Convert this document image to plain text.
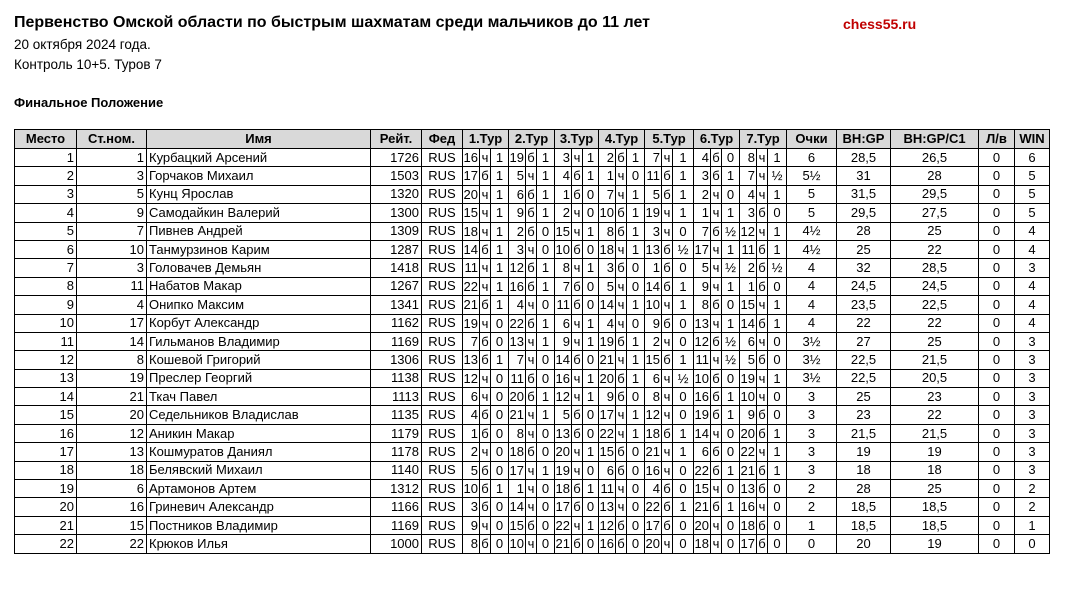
Первенство Омской области по быстрым шахматам среди мальчиков до 11 лет	chess55.ru
20 октября 2024 года.
Контроль 10+5. Туров 7
Финальное Положение
Место	Ст.ном.	Имя	Рейт.	Фед	1.Тур	2.Тур	3.Тур	4.Тур	5.Тур	6.Тур	7.Тур	Очки	BH:GP	BH:GP/C1	Л/в	WIN
1	1	Курбацкий Арсений	1726	RUS	16 ч 1	19 б 1	3 ч 1	2 б 1	7 ч 1	4 б 0	8 ч 1	6	28,5	26,5	0	6
2	3	Горчаков Михаил	1503	RUS	17 б 1	5 ч 1	4 б 1	1 ч 0	11 б 1	3 б 1	7 ч ½	5½	31	28	0	5
3	5	Кунц Ярослав	1320	RUS	20 ч 1	6 б 1	1 б 0	7 ч 1	5 б 1	2 ч 0	4 ч 1	5	31,5	29,5	0	5
4	9	Самодайкин Валерий	1300	RUS	15 ч 1	9 б 1	2 ч 0	10 б 1	19 ч 1	1 ч 1	3 б 0	5	29,5	27,5	0	5
5	7	Пивнев Андрей	1309	RUS	18 ч 1	2 б 0	15 ч 1	8 б 1	3 ч 0	7 б ½	12 ч 1	4½	28	25	0	4
6	10	Танмурзинов Карим	1287	RUS	14 б 1	3 ч 0	10 б 0	18 ч 1	13 б ½	17 ч 1	11 б 1	4½	25	22	0	4
7	3	Головачев Демьян	1418	RUS	11 ч 1	12 б 1	8 ч 1	3 б 0	1 б 0	5 ч ½	2 б ½	4	32	28,5	0	3
8	11	Набатов Макар	1267	RUS	22 ч 1	16 б 1	7 б 0	5 ч 0	14 б 1	9 ч 1	1 б 0	4	24,5	24,5	0	4
9	4	Онипко Максим	1341	RUS	21 б 1	4 ч 0	11 б 0	14 ч 1	10 ч 1	8 б 0	15 ч 1	4	23,5	22,5	0	4
10	17	Корбут Александр	1162	RUS	19 ч 0	22 б 1	6 ч 1	4 ч 0	9 б 0	13 ч 1	14 б 1	4	22	22	0	4
11	14	Гильманов Владимир	1169	RUS	7 б 0	13 ч 1	9 ч 1	19 б 1	2 ч 0	12 б ½	6 ч 0	3½	27	25	0	3
12	8	Кошевой Григорий	1306	RUS	13 б 1	7 ч 0	14 б 0	21 ч 1	15 б 1	11 ч ½	5 б 0	3½	22,5	21,5	0	3
13	19	Преслер Георгий	1138	RUS	12 ч 0	11 б 0	16 ч 1	20 б 1	6 ч ½	10 б 0	19 ч 1	3½	22,5	20,5	0	3
14	21	Ткач Павел	1113	RUS	6 ч 0	20 б 1	12 ч 1	9 б 0	8 ч 0	16 б 1	10 ч 0	3	25	23	0	3
15	20	Седельников Владислав	1135	RUS	4 б 0	21 ч 1	5 б 0	17 ч 1	12 ч 0	19 б 1	9 б 0	3	23	22	0	3
16	12	Аникин Макар	1179	RUS	1 б 0	8 ч 0	13 б 0	22 ч 1	18 б 1	14 ч 0	20 б 1	3	21,5	21,5	0	3
17	13	Кошмуратов Даниял	1178	RUS	2 ч 0	18 б 0	20 ч 1	15 б 0	21 ч 1	6 б 0	22 ч 1	3	19	19	0	3
18	18	Белявский Михаил	1140	RUS	5 б 0	17 ч 1	19 ч 0	6 б 0	16 ч 0	22 б 1	21 б 1	3	18	18	0	3
19	6	Артамонов Артем	1312	RUS	10 б 1	1 ч 0	18 б 1	11 ч 0	4 б 0	15 ч 0	13 б 0	2	28	25	0	2
20	16	Гриневич Александр	1166	RUS	3 б 0	14 ч 0	17 б 0	13 ч 0	22 б 1	21 б 1	16 ч 0	2	18,5	18,5	0	2
21	15	Постников Владимир	1169	RUS	9 ч 0	15 б 0	22 ч 1	12 б 0	17 б 0	20 ч 0	18 б 0	1	18,5	18,5	0	1
22	22	Крюков Илья	1000	RUS	8 б 0	10 ч 0	21 б 0	16 б 0	20 ч 0	18 ч 0	17 б 0	0	20	19	0	0
